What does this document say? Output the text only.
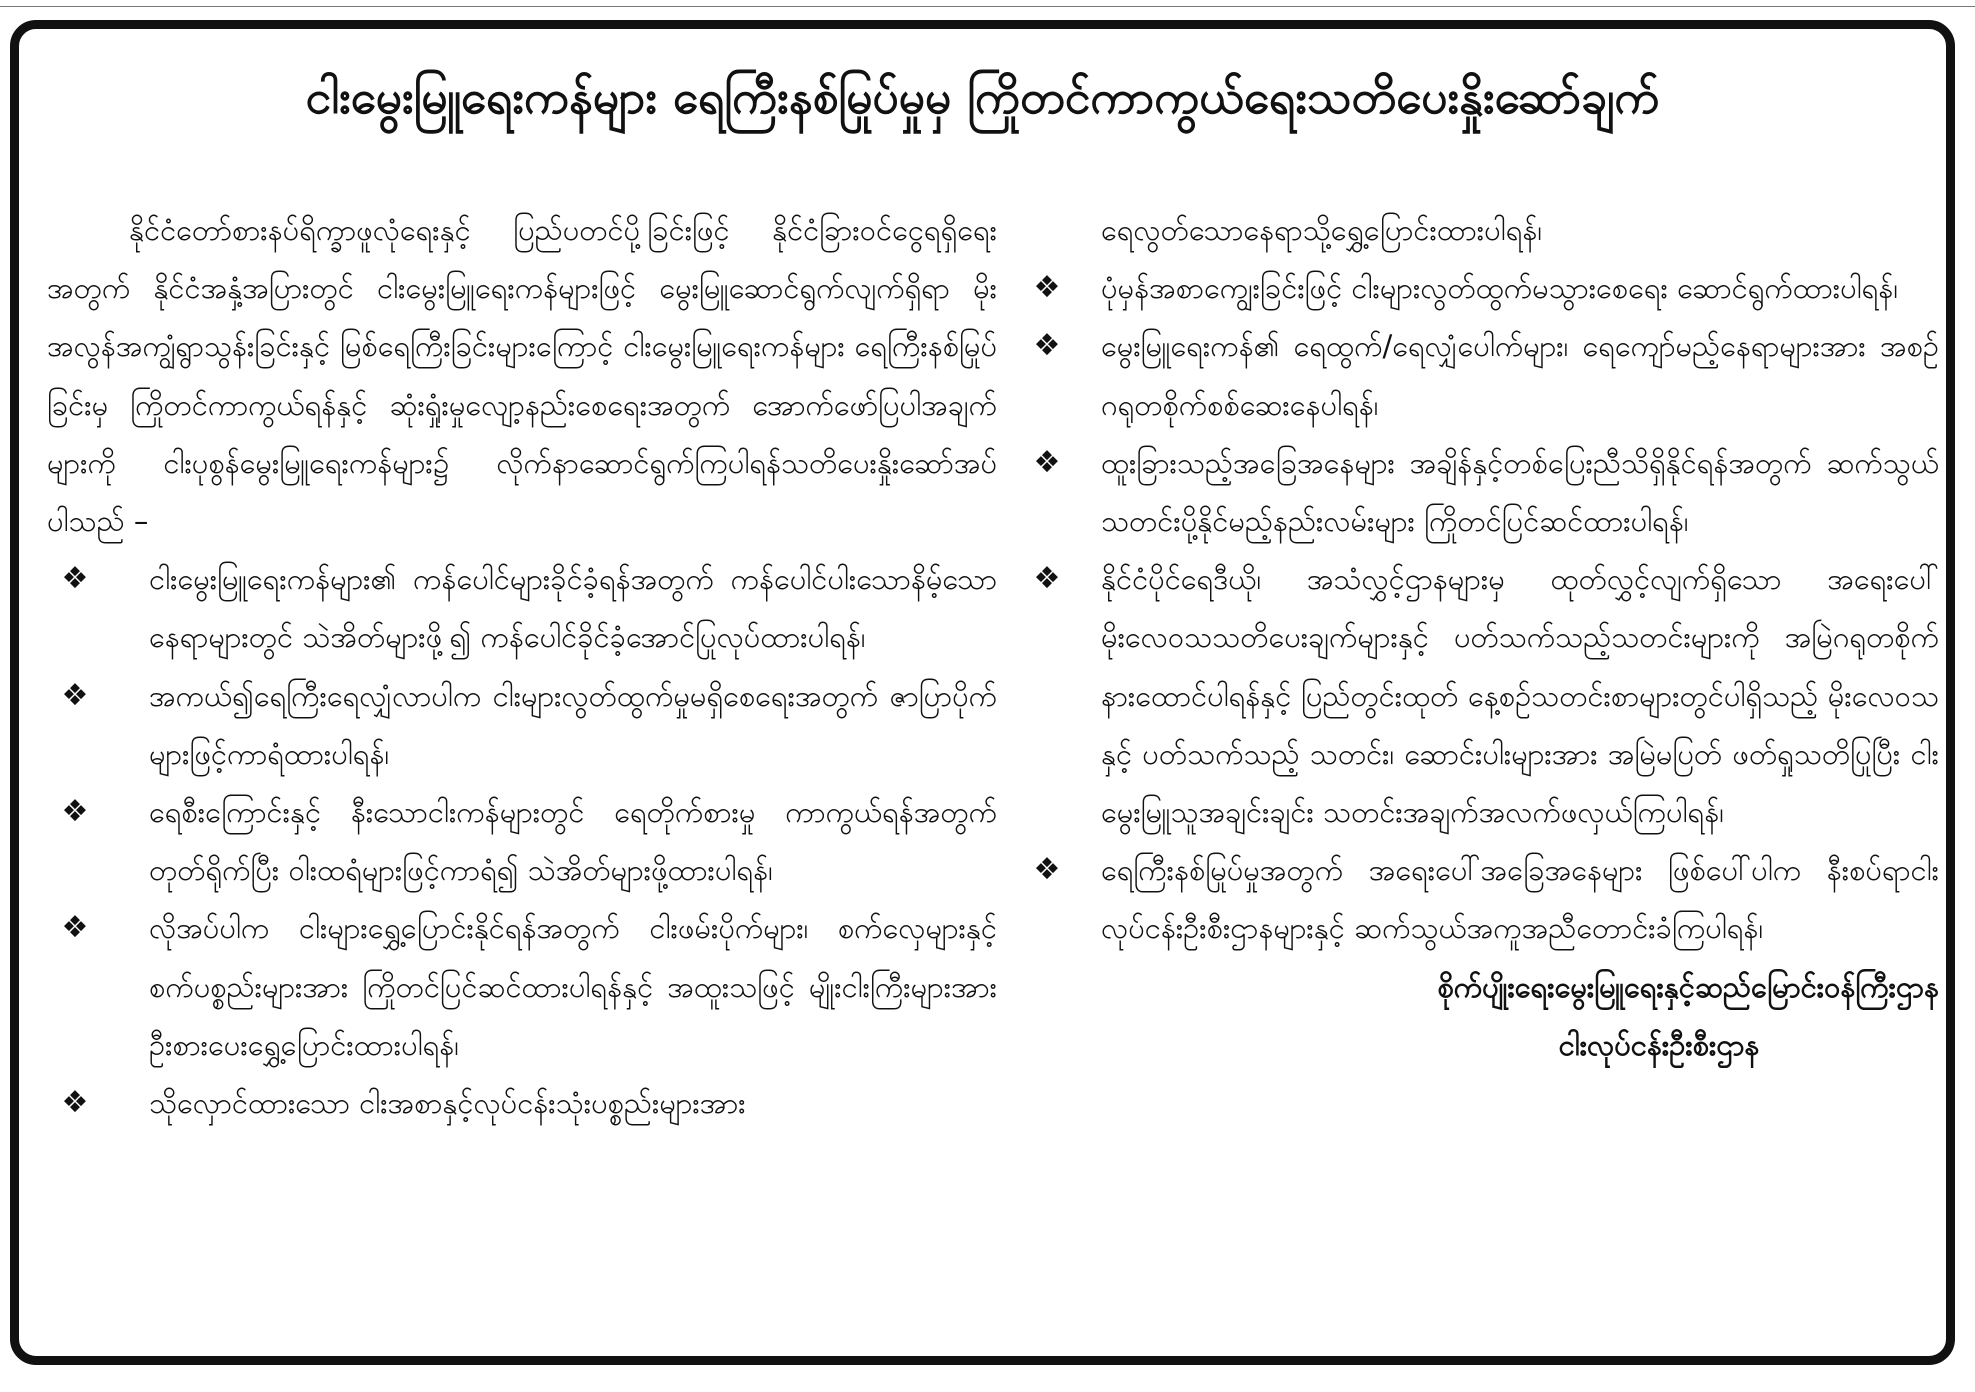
ငါးမွေးမြူရေးကန်များ ရေကြီးနစ်မြုပ်မှုမှ ကြိုတင်ကာကွယ်ရေးသတိပေးနှိုးဆော်ချက်

နိုင်ငံတော်စားနပ်ရိက္ခာဖူလုံရေးနှင့် ပြည်ပတင်ပို့ခြင်းဖြင့် နိုင်ငံခြားဝင်ငွေရရှိရေးအတွက် နိုင်ငံအနှံ့အပြားတွင် ငါးမွေးမြူရေးကန်များဖြင့် မွေးမြူဆောင်ရွက်လျက်ရှိရာ မိုးအလွန်အကျွံရွာသွန်းခြင်းနှင့် မြစ်ရေကြီးခြင်းများကြောင့် ငါးမွေးမြူရေးကန်များ ရေကြီးနစ်မြုပ်ခြင်းမှ ကြိုတင်ကာကွယ်ရန်နှင့် ဆုံးရှုံးမှုလျော့နည်းစေရေးအတွက် အောက်ဖော်ပြပါအချက်များကို ငါးပုစွန်မွေးမြူရေးကန်များ၌ လိုက်နာဆောင်ရွက်ကြပါရန်သတိပေးနှိုးဆော်အပ်ပါသည် –

❖ ငါးမွေးမြူရေးကန်များ၏ ကန်ပေါင်များခိုင်ခံ့ရန်အတွက် ကန်ပေါင်ပါးသောနိမ့်သောနေရာများတွင် သဲအိတ်များဖို့၍ ကန်ပေါင်ခိုင်ခံ့အောင်ပြုလုပ်ထားပါရန်၊
❖ အကယ်၍ရေကြီးရေလျှံလာပါက ငါးများလွတ်ထွက်မှုမရှိစေရေးအတွက် ဇာပြာပိုက်များဖြင့်ကာရံထားပါရန်၊
❖ ရေစီးကြောင်းနှင့် နီးသောငါးကန်များတွင် ရေတိုက်စားမှု ကာကွယ်ရန်အတွက် တုတ်ရိုက်ပြီး ဝါးထရံများဖြင့်ကာရံ၍ သဲအိတ်များဖို့ထားပါရန်၊
❖ လိုအပ်ပါက ငါးများရွှေ့ပြောင်းနိုင်ရန်အတွက် ငါးဖမ်းပိုက်များ၊ စက်လှေများနှင့် စက်ပစ္စည်းများအား ကြိုတင်ပြင်ဆင်ထားပါရန်နှင့် အထူးသဖြင့် မျိုးငါးကြီးများအား ဦးစားပေးရွှေ့ပြောင်းထားပါရန်၊
❖ သိုလှောင်ထားသော ငါးအစာနှင့်လုပ်ငန်းသုံးပစ္စည်းများအား

ရေလွတ်သောနေရာသို့ရွှေ့ပြောင်းထားပါရန်၊

❖ ပုံမှန်အစာကျွေးခြင်းဖြင့် ငါးများလွတ်ထွက်မသွားစေရေး ဆောင်ရွက်ထားပါရန်၊
❖ မွေးမြူရေးကန်၏ ရေထွက်/ရေလျှံပေါက်များ၊ ရေကျော်မည့်နေရာများအား အစဉ်ဂရုတစိုက်စစ်ဆေးနေပါရန်၊
❖ ထူးခြားသည့်အခြေအနေများ အချိန်နှင့်တစ်ပြေးညီသိရှိနိုင်ရန်အတွက် ဆက်သွယ်သတင်းပို့နိုင်မည့်နည်းလမ်းများ ကြိုတင်ပြင်ဆင်ထားပါရန်၊
❖ နိုင်ငံပိုင်ရေဒီယို၊ အသံလွှင့်ဌာနများမှ ထုတ်လွှင့်လျက်ရှိသော အရေးပေါ်မိုးလေဝသသတိပေးချက်များနှင့် ပတ်သက်သည့်သတင်းများကို အမြဲဂရုတစိုက်နားထောင်ပါရန်နှင့် ပြည်တွင်းထုတ် နေ့စဉ်သတင်းစာများတွင်ပါရှိသည့် မိုးလေဝသနှင့် ပတ်သက်သည့် သတင်း၊ ဆောင်းပါးများအား အမြဲမပြတ် ဖတ်ရှုသတိပြုပြီး ငါးမွေးမြူသူအချင်းချင်း သတင်းအချက်အလက်ဖလှယ်ကြပါရန်၊
❖ ရေကြီးနစ်မြုပ်မှုအတွက် အရေးပေါ်အခြေအနေများ ဖြစ်ပေါ်ပါက နီးစပ်ရာငါးလုပ်ငန်းဦးစီးဌာနများနှင့် ဆက်သွယ်အကူအညီတောင်းခံကြပါရန်၊

စိုက်ပျိုးရေးမွေးမြူရေးနှင့်ဆည်မြောင်းဝန်ကြီးဌာန

ငါးလုပ်ငန်းဦးစီးဌာန
